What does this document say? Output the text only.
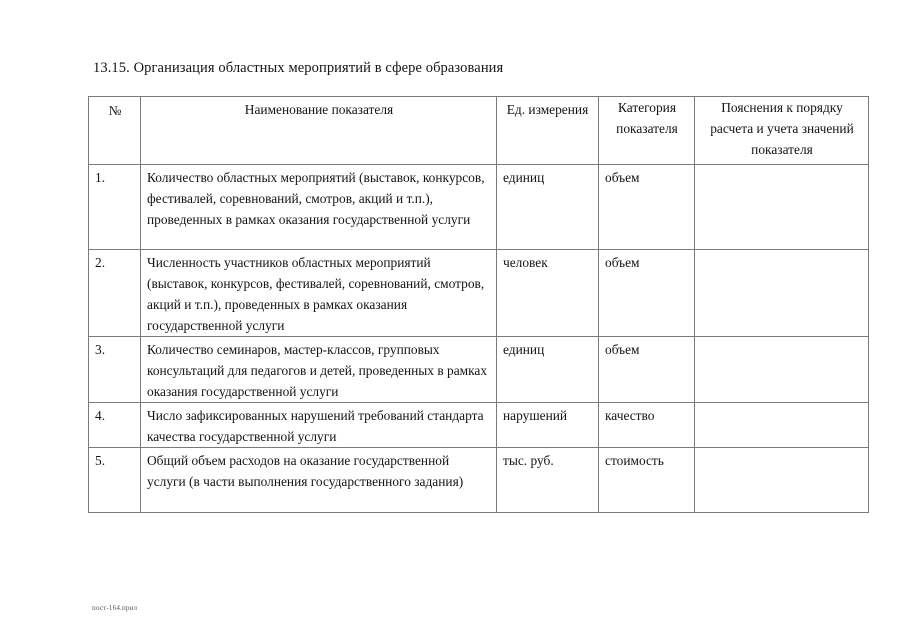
13.15. Организация областных мероприятий в сфере образования
№	Наименование показателя	Ед. измерения	Категория показателя	Пояснения к порядку расчета и учета значений показателя
1.	Количество областных мероприятий (выставок, конкурсов, фестивалей, соревнований, смотров, акций и т.п.), проведенных в рамках оказания государственной услуги	единиц	объем	
2.	Численность участников областных мероприятий (выставок, конкурсов, фестивалей, соревнований, смотров, акций и т.п.), проведенных в рамках оказания государственной услуги	человек	объем	
3.	Количество семинаров, мастер-классов, групповых консультаций для педагогов и детей, проведенных в рамках оказания государственной услуги	единиц	объем	
4.	Число зафиксированных нарушений требований стандарта качества государственной услуги	нарушений	качество	
5.	Общий объем расходов на оказание государственной услуги (в части выполнения государственного задания)	тыс. руб.	стоимость	
пост-164.прил
